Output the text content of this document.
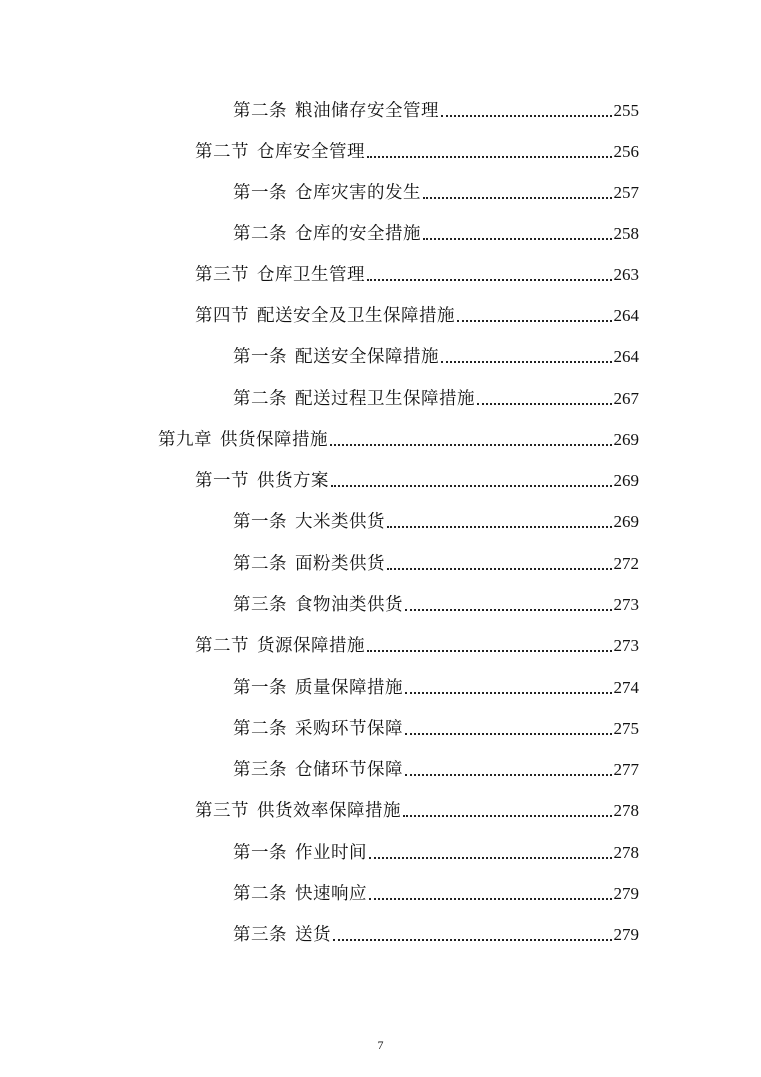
第二条 粮油储存安全管理	255
第二节 仓库安全管理	256
第一条 仓库灾害的发生	257
第二条 仓库的安全措施	258
第三节 仓库卫生管理	263
第四节 配送安全及卫生保障措施	264
第一条 配送安全保障措施	264
第二条 配送过程卫生保障措施	267
第九章 供货保障措施	269
第一节 供货方案	269
第一条 大米类供货	269
第二条 面粉类供货	272
第三条 食物油类供货	273
第二节 货源保障措施	273
第一条 质量保障措施	274
第二条 采购环节保障	275
第三条 仓储环节保障	277
第三节 供货效率保障措施	278
第一条 作业时间	278
第二条 快速响应	279
第三条 送货	279
7
